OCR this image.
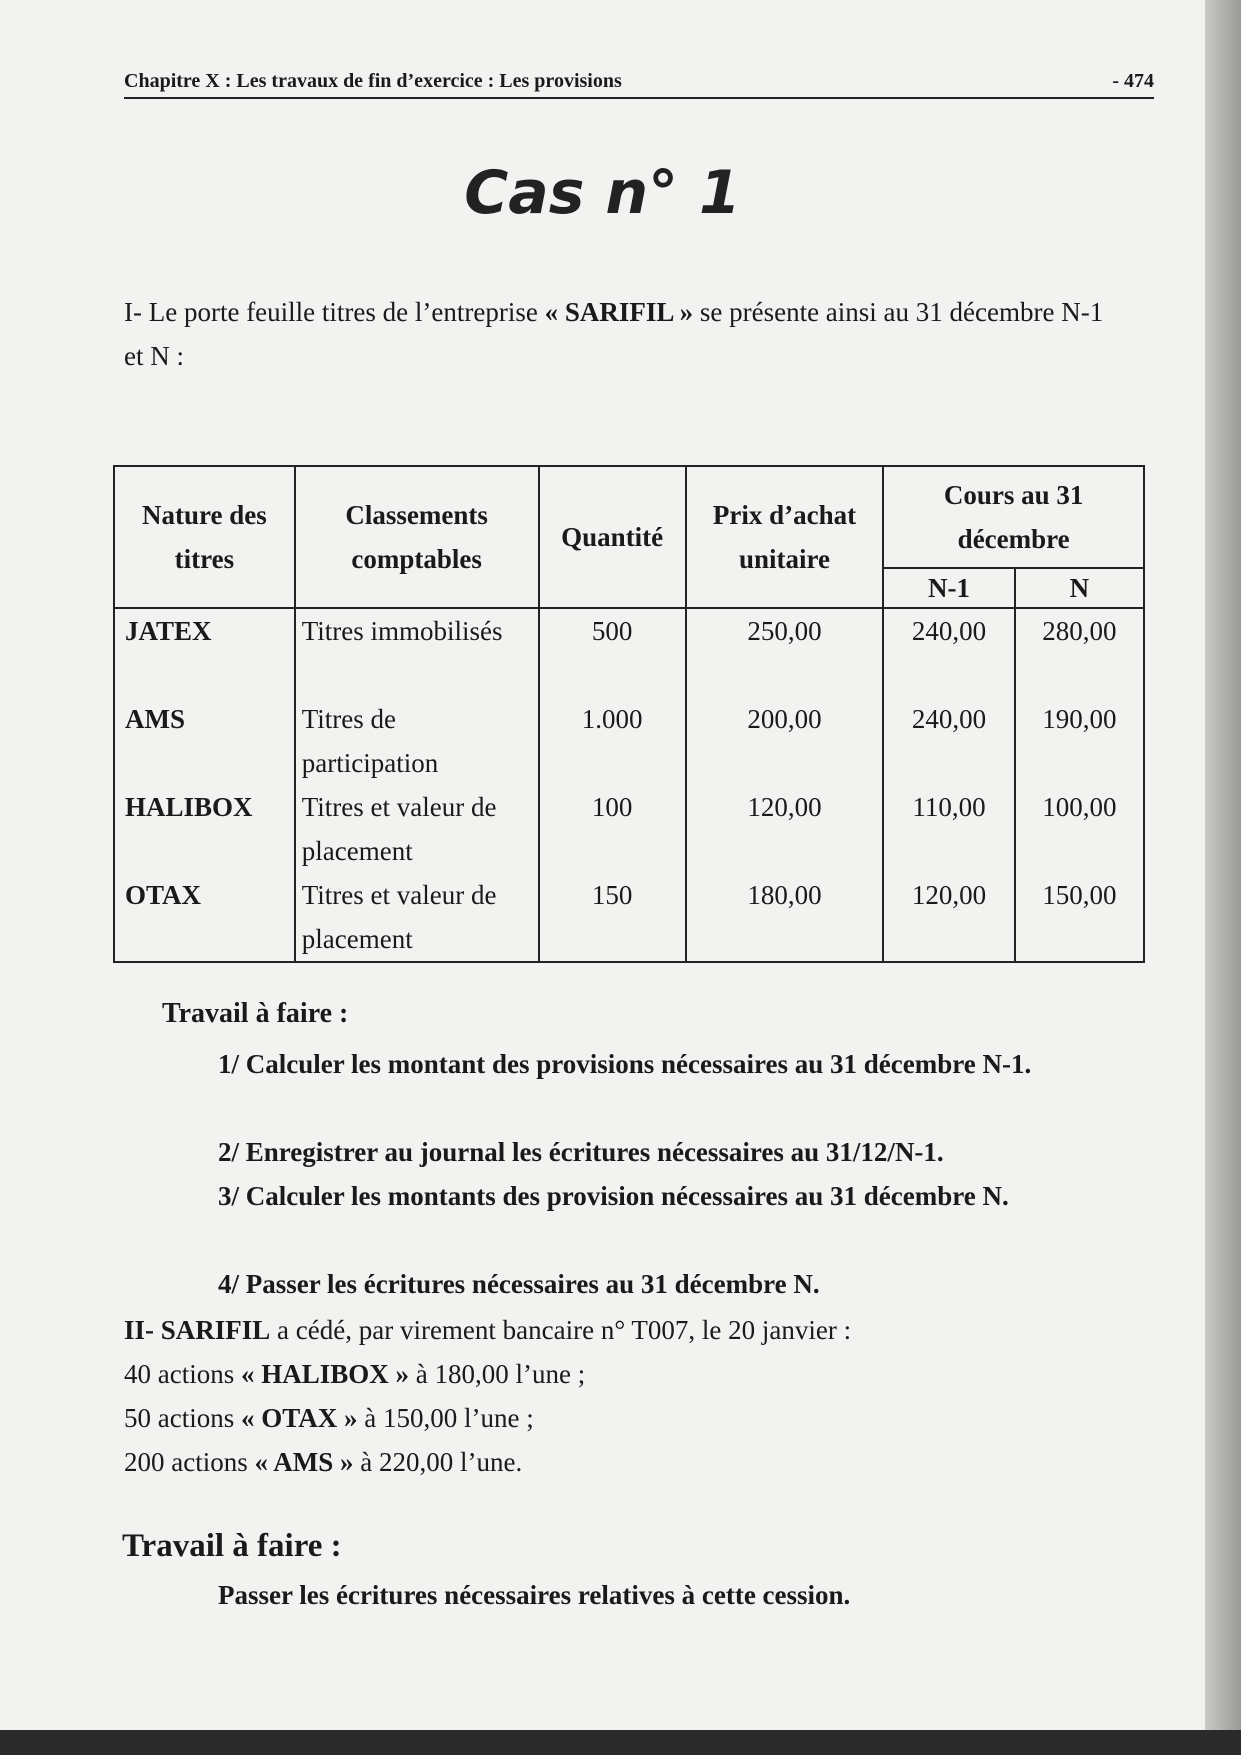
Chapitre X : Les travaux de fin d’exercice : Les provisions	- 474
Cas n° 1
I- Le porte feuille titres de l’entreprise « SARIFIL » se présente ainsi au 31 décembre N-1 et N :
Nature des titres	Classements comptables	Quantité	Prix d’achat unitaire	Cours au 31 décembre	
				N-1	N
JATEX	Titres immobilisés	500	250,00	240,00	280,00
AMS	Titres de participation	1.000	200,00	240,00	190,00
HALIBOX	Titres et valeur de placement	100	120,00	110,00	100,00
OTAX	Titres et valeur de placement	150	180,00	120,00	150,00
Travail à faire :
1/ Calculer les montant des provisions nécessaires au 31 décembre N-1.
2/ Enregistrer au journal les écritures nécessaires au 31/12/N-1.
3/ Calculer les montants des provision nécessaires au 31 décembre N.
4/ Passer les écritures nécessaires au 31 décembre N.
II- SARIFIL a cédé, par virement bancaire n° T007, le 20 janvier :
40 actions « HALIBOX » à 180,00 l’une ;
50 actions « OTAX » à 150,00 l’une ;
200 actions « AMS » à 220,00 l’une.
Travail à faire :
Passer les écritures nécessaires relatives à cette cession.
